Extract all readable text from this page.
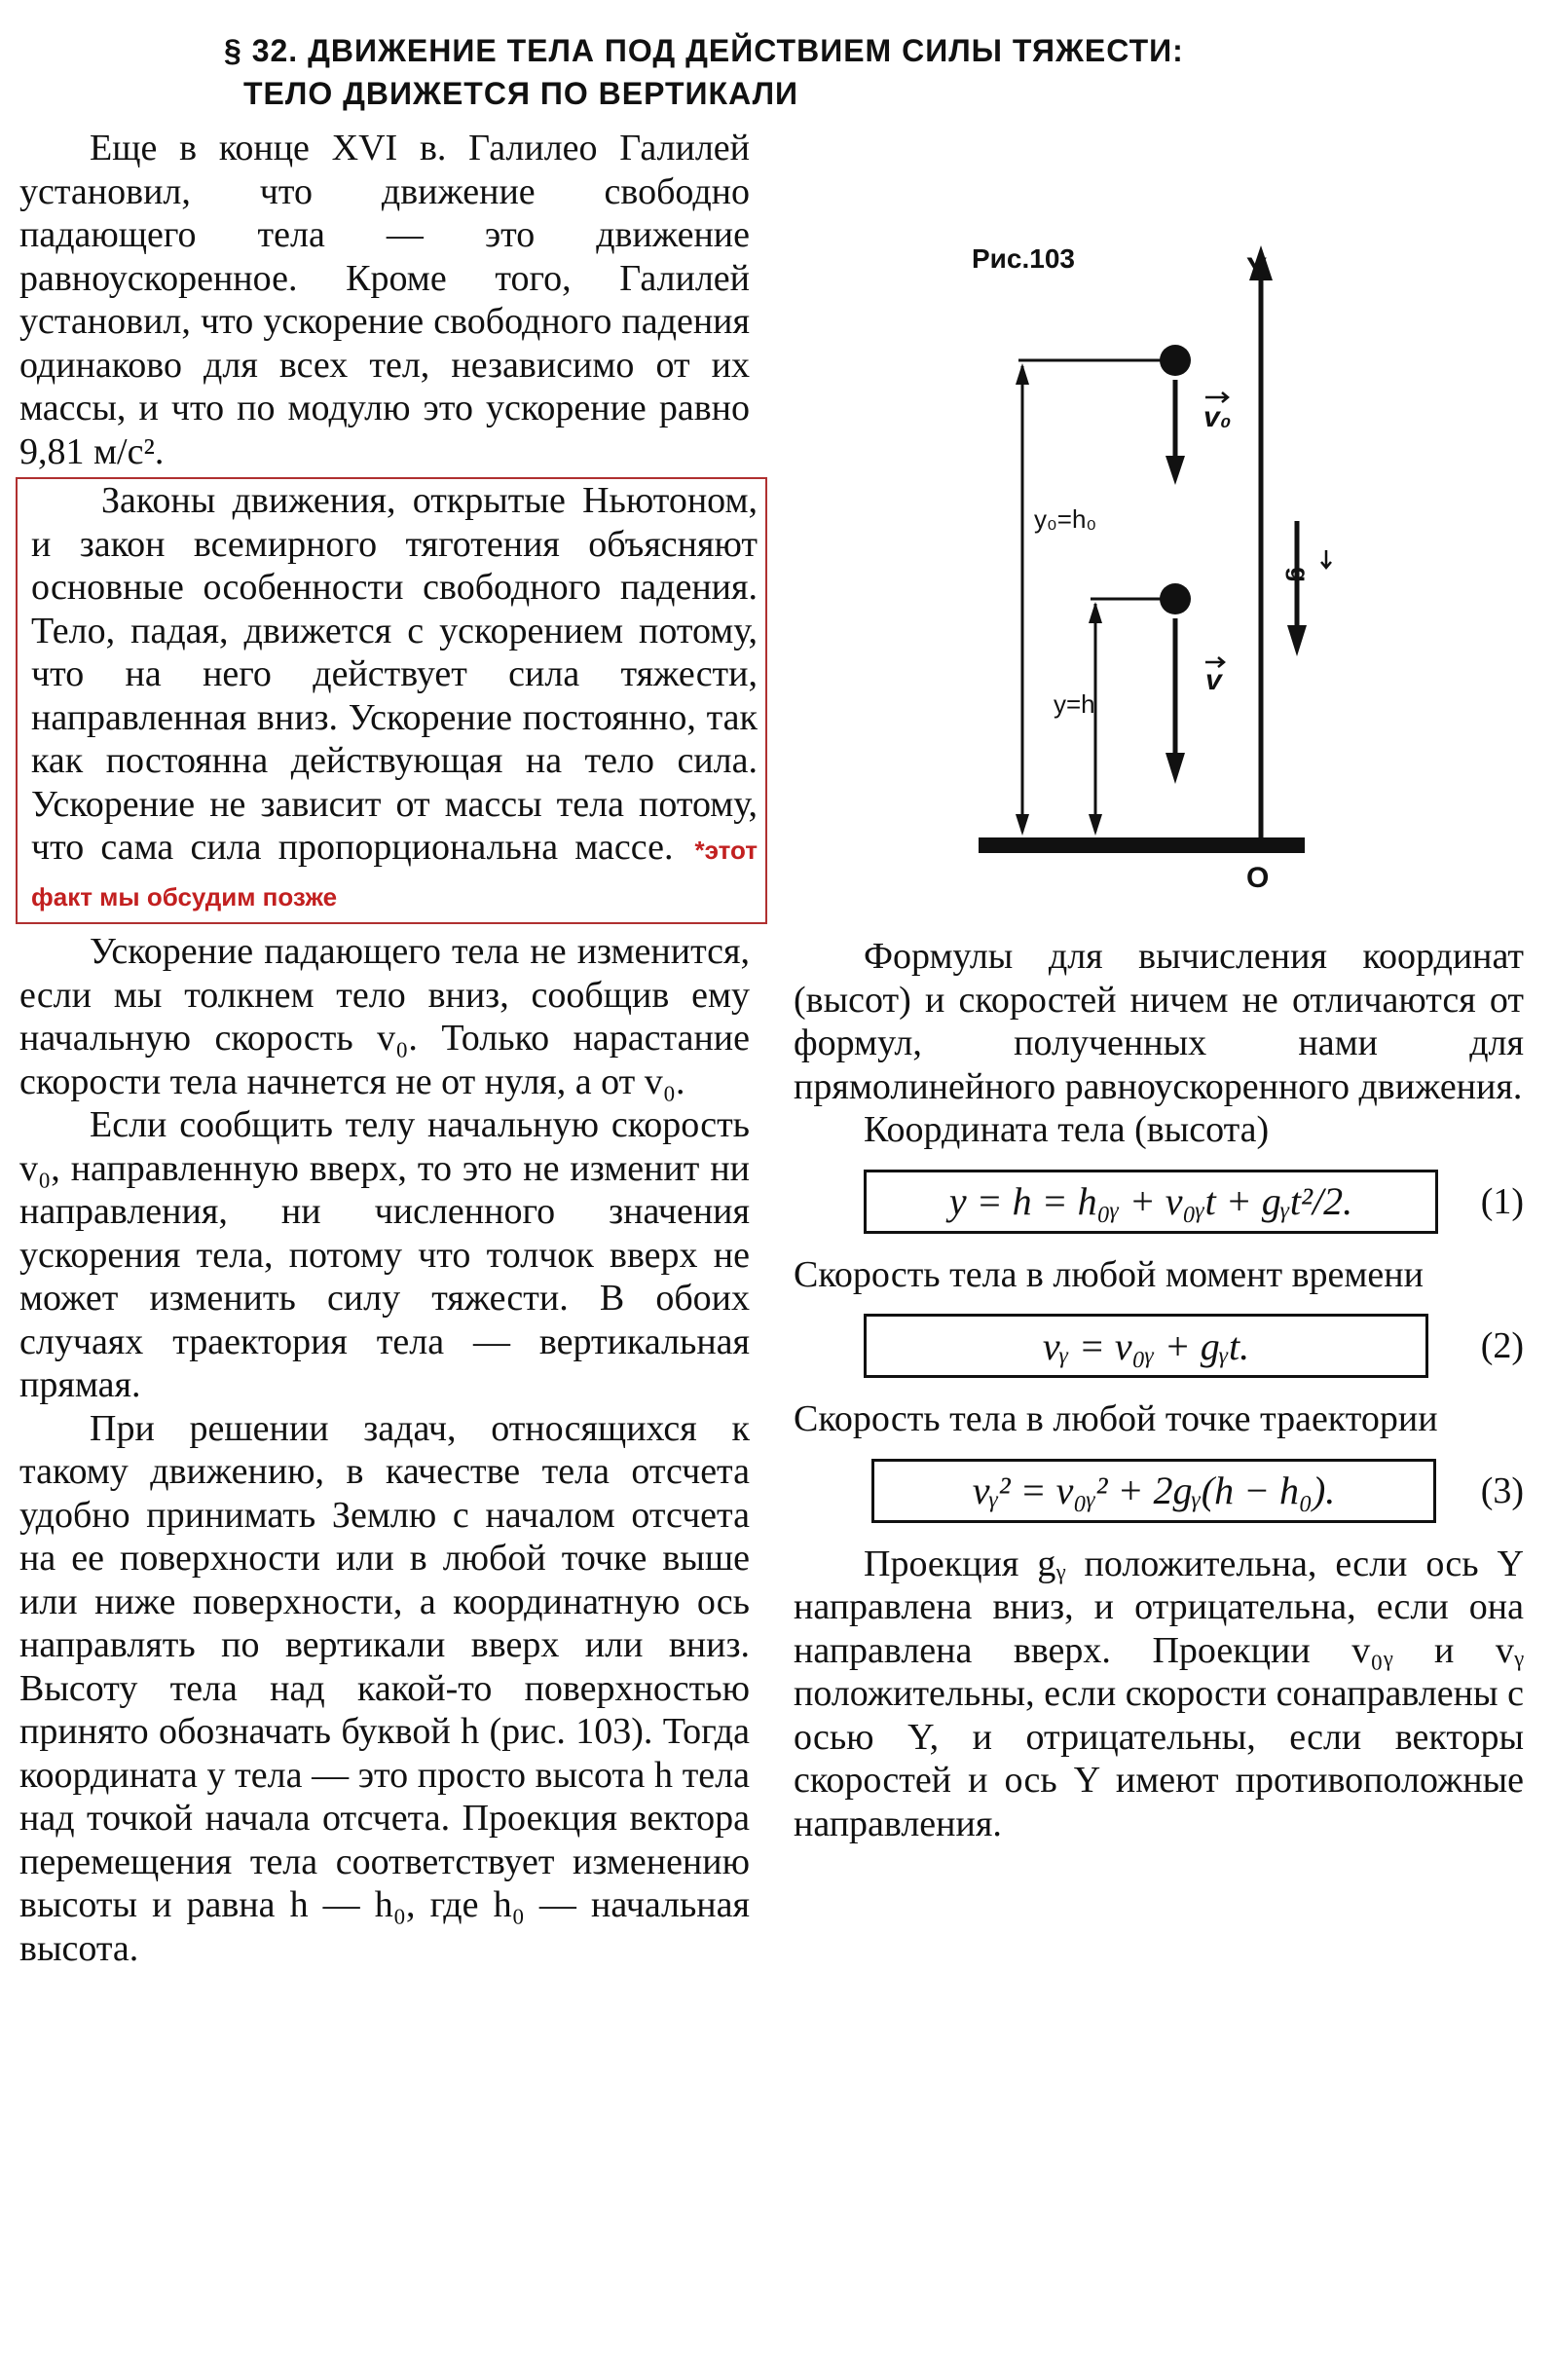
§ 32. ДВИЖЕНИЕ ТЕЛА ПОД ДЕЙСТВИЕМ СИЛЫ ТЯЖЕСТИ:
ТЕЛО ДВИЖЕТСЯ ПО ВЕРТИКАЛИ

Еще в конце XVI в. Галилео Галилей установил, что движение свободно падающего тела — это движение равноускоренное. Кроме того, Галилей установил, что ускорение свободного падения одинаково для всех тел, независимо от их массы, и что по модулю это ускорение равно 9,81 м/с².

Законы движения, открытые Ньютоном, и закон всемирного тяготения объясняют основные особенности свободного падения. Тело, падая, движется с ускорением потому, что на него действует сила тяжести, направленная вниз. Ускорение постоянно, так как постоянна действующая на тело сила. Ускорение не зависит от массы тела потому, что сама сила пропорциональна массе. *этот факт мы обсудим позже

Ускорение падающего тела не изменится, если мы толкнем тело вниз, сообщив ему начальную скорость v₀. Только нарастание скорости тела начнется не от нуля, а от v₀.

Если сообщить телу начальную скорость v₀, направленную вверх, то это не изменит ни направления, ни численного значения ускорения тела, потому что толчок вверх не может изменить силу тяжести. В обоих случаях траектория тела — вертикальная прямая.

При решении задач, относящихся к такому движению, в качестве тела отсчета удобно принимать Землю с началом отсчета на ее поверхности или в любой точке выше или ниже поверхности, а координатную ось направлять по вертикали вверх или вниз. Высоту тела над какой-то поверхностью принято обозначать буквой h (рис. 103). Тогда координата y тела — это просто высота h тела над точкой начала отсчета. Проекция вектора перемещения тела соответствует изменению высоты и равна h — h₀, где h₀ — начальная высота.

Рис.103	Y
O
y₀=h₀
y=h
v₀
v
g

Формулы для вычисления координат (высот) и скоростей ничем не отличаются от формул, полученных нами для прямолинейного равноускоренного движения.

Координата тела (высота)

y = h = h₀ᵧ + v₀ᵧt + gᵧt²/2.	(1)

Скорость тела в любой момент времени

vᵧ = v₀ᵧ + gᵧt.	(2)

Скорость тела в любой точке траектории

vᵧ² = v₀ᵧ² + 2gᵧ(h − h₀).	(3)

Проекция gᵧ положительна, если ось Y направлена вниз, и отрицательна, если она направлена вверх. Проекции v₀ᵧ и vᵧ положительны, если скорости сонаправлены с осью Y, и отрицательны, если векторы скоростей и ось Y имеют противоположные направления.
